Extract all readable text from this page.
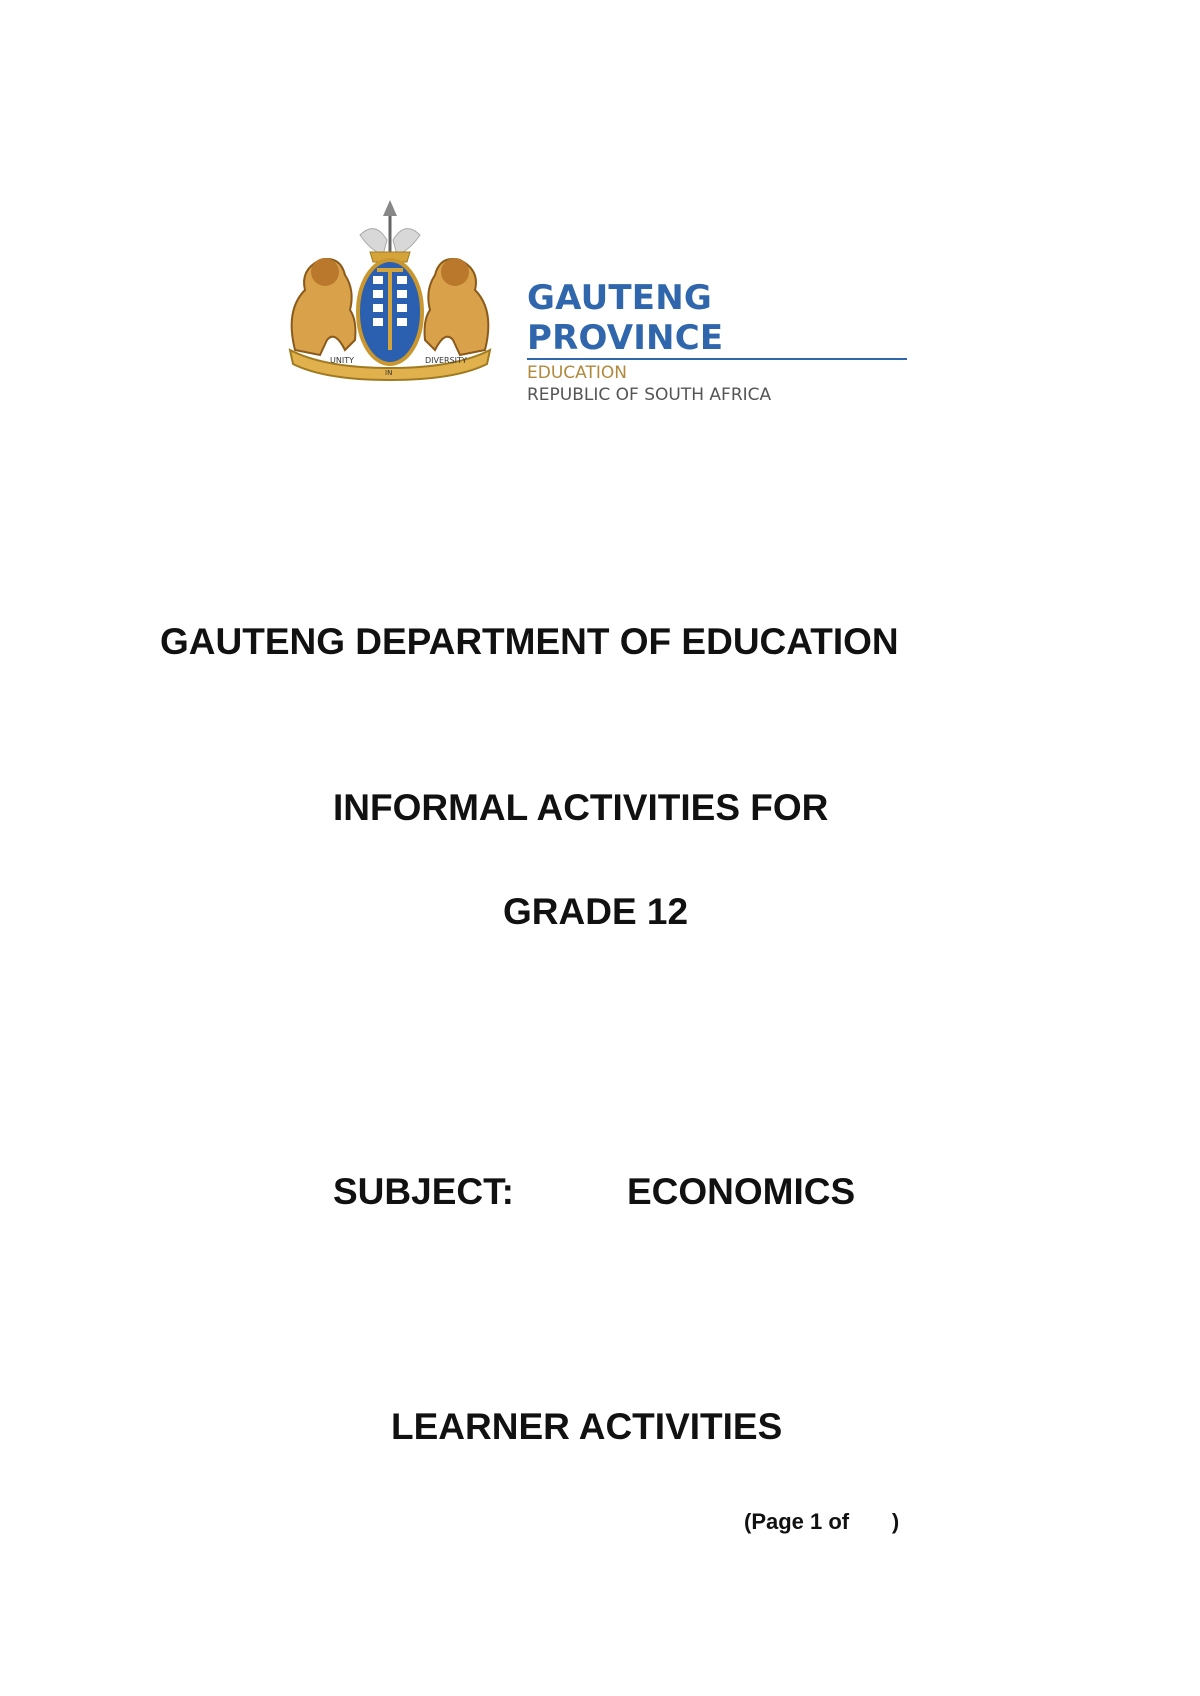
UNITY
IN
DIVERSITY
GAUTENG PROVINCE
EDUCATION
REPUBLIC OF SOUTH AFRICA
GAUTENG DEPARTMENT OF EDUCATION
INFORMAL ACTIVITIES FOR
GRADE 12
SUBJECT:	ECONOMICS
LEARNER ACTIVITIES
(Page 1 of       )
